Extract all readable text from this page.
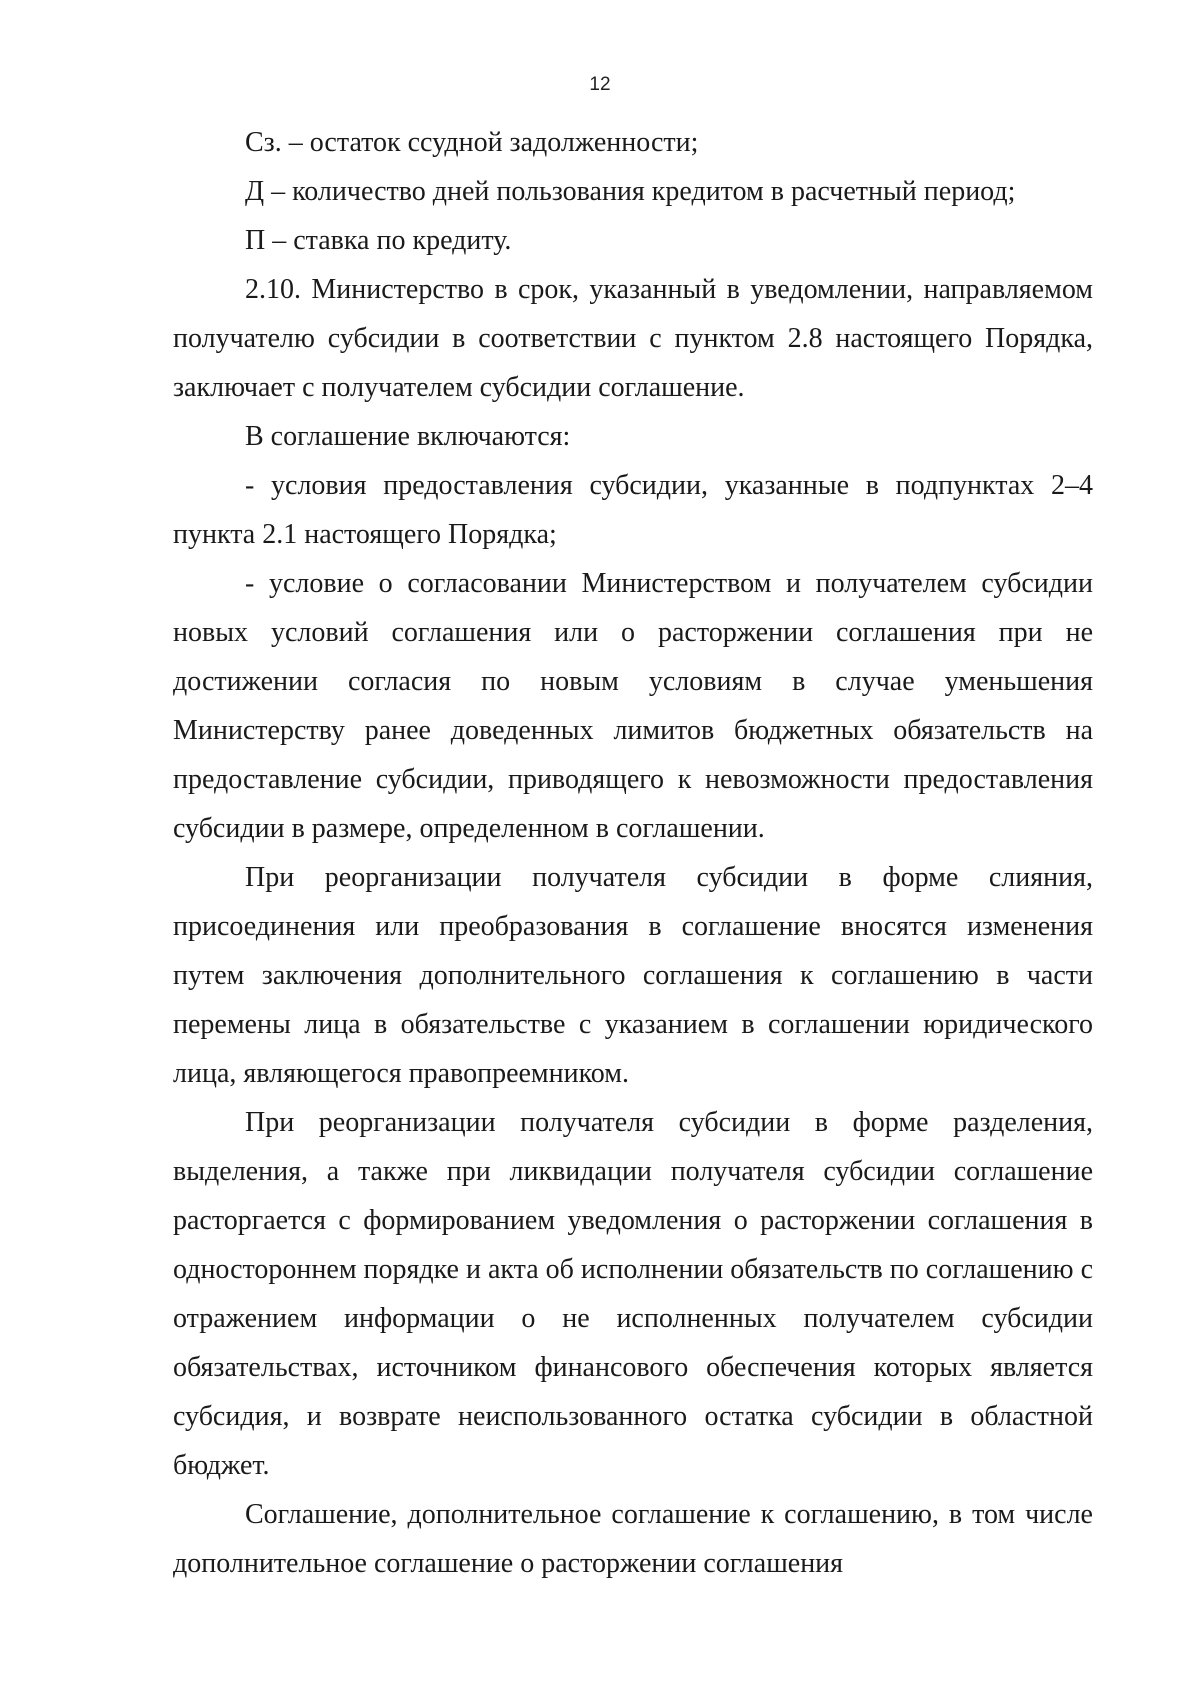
12

Сз. – остаток ссудной задолженности;

Д – количество дней пользования кредитом в расчетный период;

П – ставка по кредиту.

2.10. Министерство в срок, указанный в уведомлении, направляемом получателю субсидии в соответствии с пунктом 2.8 настоящего Порядка, заключает с получателем субсидии соглашение.

В соглашение включаются:

- условия предоставления субсидии, указанные в подпунктах 2–4 пункта 2.1 настоящего Порядка;

- условие о согласовании Министерством и получателем субсидии новых условий соглашения или о расторжении соглашения при не достижении согласия по новым условиям в случае уменьшения Министерству ранее доведенных лимитов бюджетных обязательств на предоставление субсидии, приводящего к невозможности предоставления субсидии в размере, определенном в соглашении.

При реорганизации получателя субсидии в форме слияния, присоединения или преобразования в соглашение вносятся изменения путем заключения дополнительного соглашения к соглашению в части перемены лица в обязательстве с указанием в соглашении юридического лица, являющегося правопреемником.

При реорганизации получателя субсидии в форме разделения, выделения, а также при ликвидации получателя субсидии соглашение расторгается с формированием уведомления о расторжении соглашения в одностороннем порядке и акта об исполнении обязательств по соглашению с отражением информации о не исполненных получателем субсидии обязательствах, источником финансового обеспечения которых является субсидия, и возврате неиспользованного остатка субсидии в областной бюджет.

Соглашение, дополнительное соглашение к соглашению, в том числе дополнительное соглашение о расторжении соглашения
